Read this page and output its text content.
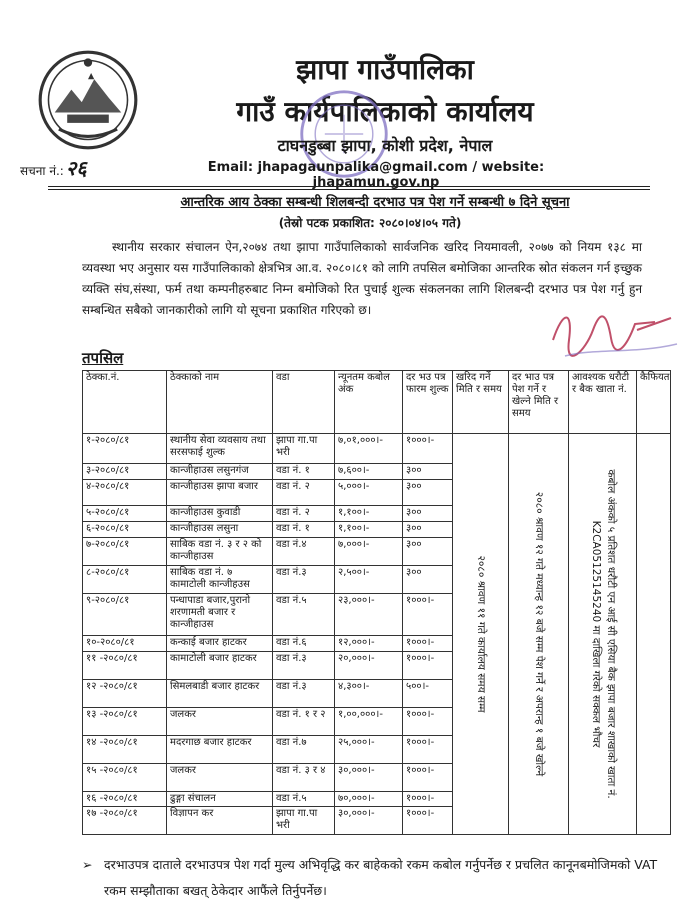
सचना नं.: २६
झापा गाउँपालिका
गाउँ कार्यपालिकाको कार्यालय
टाघनडुब्बा झापा, कोशी प्रदेश, नेपाल
Email: jhapagaunpalika@gmail.com / website: jhapamun.gov.np
आन्तरिक आय ठेक्का सम्बन्धी शिलबन्दी दरभाउ पत्र पेश गर्ने सम्बन्धी ७ दिने सूचना
(तेस्रो पटक प्रकाशित: २०८०।०४।०५ गते)
स्थानीय सरकार संचालन ऐन,२०७४ तथा झापा गाउँपालिकाको सार्वजनिक खरिद नियमावली, २०७७ को नियम १३८ मा व्यवस्था भए अनुसार यस गाउँपालिकाको क्षेत्रभित्र आ.व. २०८०।८१ को लागि तपसिल बमोजिका आन्तरिक स्रोत संकलन गर्न इच्छुक व्यक्ति संघ,संस्था, फर्म तथा कम्पनीहरुबाट निम्न बमोजिको रित पुचाई शुल्क संकलनका लागि शिलबन्दी दरभाउ पत्र पेश गर्नु हुन सम्बन्धित सबैको जानकारीको लागि यो सूचना प्रकाशित गरिएको छ।
तपसिल
ठेक्का.नं.	ठेक्काको नाम	वडा	न्यूनतम कबोल अंक	दर भउ पत्र फारम शुल्क	खरिद गर्ने मिति र समय	दर भाउ पत्र पेश गर्ने र खेल्ने मिति र समय	आवश्यक धरौटी र बैक खाता नं.	कैफियत
१-२०८०/८१	स्थानीय सेवा व्यवसाय तथा सरसफाई शुल्क	झापा गा.पा भरी	७,०१,०००।-	१०००।-	२०८० श्रावण ११ गते कार्यालय समय सम्म	२०८० श्रावण १२ गते मध्यान्ह १२ बजे सम्म पेश गर्ने र अपरान्ह १ बजे खोल्ने	कबोल अंकको ५ प्रतिशत धरौटी एन आई सी एसिया बैक झापा बजार शाखाको खाता नं.
K2CA05125145240 मा दाखिला गरेको सक्कल भौचर	

३-२०८०/८१	कान्जीहाउस लसुनगंज	वडा नं. १	७,६००।-	३००				
४-२०८०/८१	कान्जीहाउस झापा बजार	वडा नं. २	५,०००।-	३००				
५-२०८०/८१	कान्जीहाउस कुवाडी	वडा नं. २	१,१००।-	३००				
६-२०८०/८१	कान्जीहाउस लसुना	वडा नं. १	१,१००।-	३००				
७-२०८०/८१	साबिक वडा नं. ३ र २ को कान्जीहाउस	वडा नं.४	७,०००।-	३००				
८-२०८०/८१	साबिक वडा नं. ७ कामाटोली कान्जीहउस	वडा नं.३	२,५००।-	३००				
९-२०८०/८१	पन्धापाडा बजार,पुरानो शरणामती बजार र कान्जीहाउस	वडा नं.५	२३,०००।-	१०००।-				
१०-२०८०/८१	कन्काई बजार हाटकर	वडा नं.६	१२,०००।-	१०००।-				
११ -२०८०/८१	कामाटोली बजार हाटकर	वडा नं.३	२०,०००।-	१०००।-				
१२ -२०८०/८१	सिमलबाडी बजार हाटकर	वडा नं.३	४,३००।-	५००।-				
१३ -२०८०/८१	जलकर	वडा नं. १ र २	१,००,०००।-	१०००।-				
१४ -२०८०/८१	मदरगाछ बजार हाटकर	वडा नं.७	२५,०००।-	१०००।-				
१५ -२०८०/८१	जलकर	वडा नं. ३ र ४	३०,०००।-	१०००।-				
१६ -२०८०/८१	ढुङ्गा संचालन	वडा नं.५	७०,०००।-	१०००।-				
१७ -२०८०/८१	विज्ञापन कर	झापा गा.पा भरी	३०,०००।-	१०००।-				
➢ दरभाउपत्र दाताले दरभाउपत्र पेश गर्दा मुल्य अभिवृद्धि कर बाहेकको रकम कबोल गर्नुपर्नेछ र प्रचलित कानूनबमोजिमको VAT रकम सम्झौताका बखत् ठेकेदार आफैंले तिर्नुपर्नेछ।
